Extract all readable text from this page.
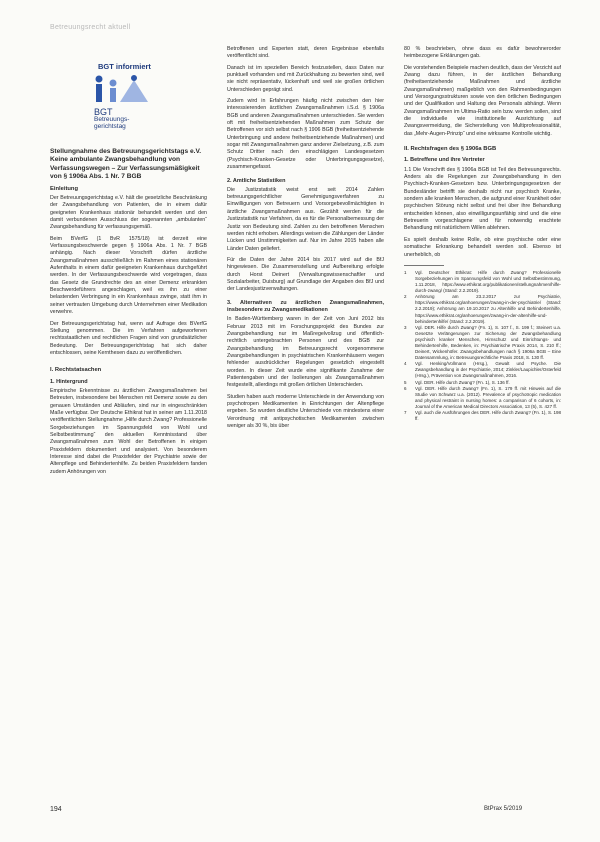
Betreuungsrecht aktuell
BGT informiert
BGT
Betreuungs-
gerichtstag
Stellungnahme des Betreuungsgerichtstags e.V. Keine ambulante Zwangsbehandlung von Verfassungswegen – Zur Verfassungsmäßigkeit von § 1906a Abs. 1 Nr. 7 BGB
Einleitung

Der Betreuungsgerichtstag e.V. hält die gesetzliche Beschränkung der Zwangsbehandlung von Patienten, die in einem dafür geeigneten Krankenhaus stationär behandelt werden und den damit verbundenen Ausschluss der sogenannten „ambulanten“ Zwangsbehandlung für verfassungsgemäß.

Beim BVerfG (1 BvR 1575/18) ist derzeit eine Verfassungsbeschwerde gegen § 1906a Abs. 1 Nr. 7 BGB anhängig. Nach dieser Vorschrift dürfen ärztliche Zwangsmaßnahmen ausschließlich im Rahmen eines stationären Aufenthalts in einem dafür geeigneten Krankenhaus durchgeführt werden. In der Verfassungsbeschwerde wird vorgetragen, dass das Gesetz die Grundrechte des an einer Demenz erkrankten Beschwerdeführers angeschlagen, weil es ihn zu einer belastenden Verbringung in ein Krankenhaus zwinge, statt ihm in seiner vertrauten Umgebung durch Unternehmen einer Medikation verwehre.

Der Betreuungsgerichtstag hat, wenn auf Aufrage des BVerfG Stellung genommen. Die im Verfahren aufgeworfenen rechtsstaatlichen und rechtlichen Fragen sind von grundsätzlicher Bedeutung. Der Betreuungsgerichtstag hat sich daher entschlossen, seine Kernthesen dazu zu veröffentlichen.

I. Rechtstatsachen
1. Hintergrund

Empirische Erkenntnisse zu ärztlichen Zwangsmaßnahmen bei Betreuten, insbesondere bei Menschen mit Demenz sowie zu den genauen Umständen und Abläufen, sind nur in eingeschränkten Maße verfügbar. Der Deutsche Ethikrat hat in seiner am 1.11.2018 veröffentlichten Stellungnahme „Hilfe durch Zwang? Professionelle Sorgebeziehungen im Spannungsfeld von Wohl und Selbstbestimmung“ den aktuellen Kenntnisstand über Zwangsmaßnahmen zum Wohl der Betroffenen in einigen Praxisfeldern dokumentiert und analysiert. Von besonderem Interesse sind dabei die Praxisfelder der Psychiatrie sowie der Altenpflege und Behindertenhilfe. Zu beiden Praxisfeldern fanden zudem Anhörungen von

Betroffenen und Experten statt, deren Ergebnisse ebenfalls veröffentlicht sind.

Danach ist im speziellen Bereich festzustellen, dass Daten nur punktuell vorhanden und mit Zurückhaltung zu bewerten sind, weil sie nicht repräsentativ, lückenhaft und weil sie großen örtlichen Unterschieden geprägt sind.

Zudem wird in Erfahrungen häufig nicht zwischen den hier interessierenden ärztlichen Zwangsmaßnahmen i.S.d. § 1906a BGB und anderen Zwangsmaßnahmen unterschieden. Sie werden oft mit freiheitsentziehenden Maßnahmen zum Schutz der Betroffenen vor sich selbst nach § 1906 BGB (freiheitsentziehende Unterbringung und andere freiheitsentziehende Maßnahmen) und sogar mit Zwangsmaßnahmen ganz anderer Zielsetzung, z.B. zum Schutz Dritter nach den einschlägigen Landesgesetzen (Psychisch-Kranken-Gesetze oder Unterbringungsgesetze), zusammengefasst.

2. Amtliche Statistiken

Die Justizstatistik weist erst seit 2014 Zahlen betreuungsgerichtlicher Genehmigungsverfahren zu Einwilligungen von Betreuern und Vorsorgebevollmächtigten in ärztliche Zwangsmaßnahmen aus. Gezählt werden für die Justizstatistik nur Verfahren, da es für die Personalbemessung der Justiz von Bedeutung sind. Zahlen zu den betroffenen Menschen werden nicht erhoben. Allerdings weisen die Zählungen der Länder Lücken und Unstimmigkeiten auf. Nur im Jahre 2015 haben alle Länder Daten geliefert.

Für die Daten der Jahre 2014 bis 2017 wird auf die BfJ hingewiesen. Die Zusammenstellung und Aufbereitung erfolgte durch Horst Deinert (Verwaltungswissenschaftler und Sozialarbeiter, Duisburg) auf Grundlage der Angaben des BfJ und der Landesjustizverwaltungen.

3. Alternativen zu ärztlichen Zwangsmaßnahmen, insbesondere zu Zwangsmedikationen

In Baden-Württemberg waren in der Zeit von Juni 2012 bis Februar 2013 mit im Forschungsprojekt des Bundes zur Zwangsbehandlung nur im Maßregelvollzug und öffentlich-rechtlich untergebrachten Personen und des BGB zur Zwangsbehandlung im Betreuungsrecht vorgenommene Zwangsbehandlungen in psychiatrischen Krankenhäusern wegen fehlender ausdrücklicher Regelungen gesetzlich eingestellt worden. In dieser Zeit wurde eine signifikante Zunahme der Patientengaben und der Isolierungen als Zwangsmaßnahmen festgestellt, allerdings mit großen örtlichen Unterschieden.

Studien haben auch moderne Unterschiede in der Anwendung von psychotropen Medikamenten in Einrichtungen der Altenpflege ergeben. So wurden deutliche Unterschiede von mindestens einer Verordnung mit antipsychotischen Medikamenten zwischen weniger als 30 %, bis über

80 % beschrieben, ohne dass es dafür bewohnerorder heimbezogene Erklärungen gab.

Die vorstehenden Beispiele machen deutlich, dass der Verzicht auf Zwang dazu führen, in der ärztlichen Behandlung (freiheitsentziehende Maßnahmen und ärztliche Zwangsmaßnahmen) maßgeblich von den Rahmenbedingungen und Versorgungsstrukturen sowie von den örtlichen Bedingungen und der Qualifikation und Haltung des Personals abhängt. Wenn Zwangsmaßnahmen im Ultima-Ratio sein bzw. werden sollen, sind die individuelle wie institutionelle Ausrichtung auf Zwangsvermeidung, die Sicherstellung von Multiprofessionalität, das „Mehr-Augen-Prinzip“ und eine wirksame Kontrolle wichtig.

II. Rechtsfragen des § 1906a BGB
1. Betreffene und ihre Vertreter

1.1 Die Vorschrift des § 1906a BGB ist Teil des Betreuungsrechts. Anders als die Regelungen zur Zwangsbehandlung in den Psychisch-Kranken-Gesetzen bzw. Unterbringungsgesetzen der Bundesländer betrifft sie deshalb nicht nur psychisch Kranke, sondern alle kranken Menschen, die aufgrund einer Krankheit oder psychischen Störung nicht selbst und frei über ihre Behandlung entscheiden können, also einwilligungsunfähig sind und die eine Betreuerin vorgeschlagene und für notwendig erachtete Behandlung mit natürlichem Willen ablehnen.

Es spielt deshalb keine Rolle, ob eine psychische oder eine somatische Erkrankung behandelt werden soll. Ebenso ist unerheblich, ob

1	Vgl. Deutscher Ethikrat: Hilfe durch Zwang? Professionelle Sorgebeziehungen im Spannungsfeld von Wohl und Selbstbestimmung, 1.11.2018, https://www.ethikrat.org/publikationen/stellungnahmen/hilfe-durch-zwang/ (Stand: 2.2.2019).
2	Anhörung am 23.2.2017 zur Psychiatrie, https://www.ethikrat.org/anhoerungen/zwang-in-der-psychiatrie/ (Stand: 2.2.2019); Anhörung am 19.10.2017 zu Altenhilfe und Behindertenhilfe, https://www.ethikrat.org/anhoerungen/zwang-in-der-altenhilfe-und-behindertenhilfe/ (Stand: 2.2.2019).
3	Vgl. DER. Hilfe durch Zwang? (Fn. 1), S. 107 f., S. 199 f.; Steinert u.a. Gesetzte Verlängerungen zur Sicherung der Zwangsbehandlung psychisch kranker Menschen, Hirnschutz und Einrichtungs- und Behindertenhilfe, Bedenken, in: Psychiatrische Praxis 2014, S. 210 ff.; Deinert, Wickenhöfer. Zwangsbehandlungen nach § 1906a BGB – Eine Datensammlung, in: Betreuungsrechtliche Praxis 2018, S. 130 ff.
4	Vgl. Henking/Vollmann (Hrsg.), Gewalt und Psyche. Die Zwangsbehandlung in der Psychiatrie, 2014; Zinkler/Laupichler/Osterfeld (Hrsg.), Prävention von Zwangsmaßnahmen, 2016.
5	Vgl. DER. Hilfe durch Zwang? (Fn. 1), S. 136 ff.
6	Vgl. DER. Hilfe durch Zwang? (Fn. 1), S. 179 ff. mit Hinweis auf die Studie von Schwarz u.a. (2012). Prevalence of psychotropic medication and physical restraint in nursing homes: a comparison of 6 cohorts, in: Journal of the American Medical Directors Association, 13 (5), S. 427 ff.
7	Vgl. auch die Ausführungen des DER. Hilfe durch Zwang? (Fn. 1), S. 198 ff.
194	BtPrax 5/2019
